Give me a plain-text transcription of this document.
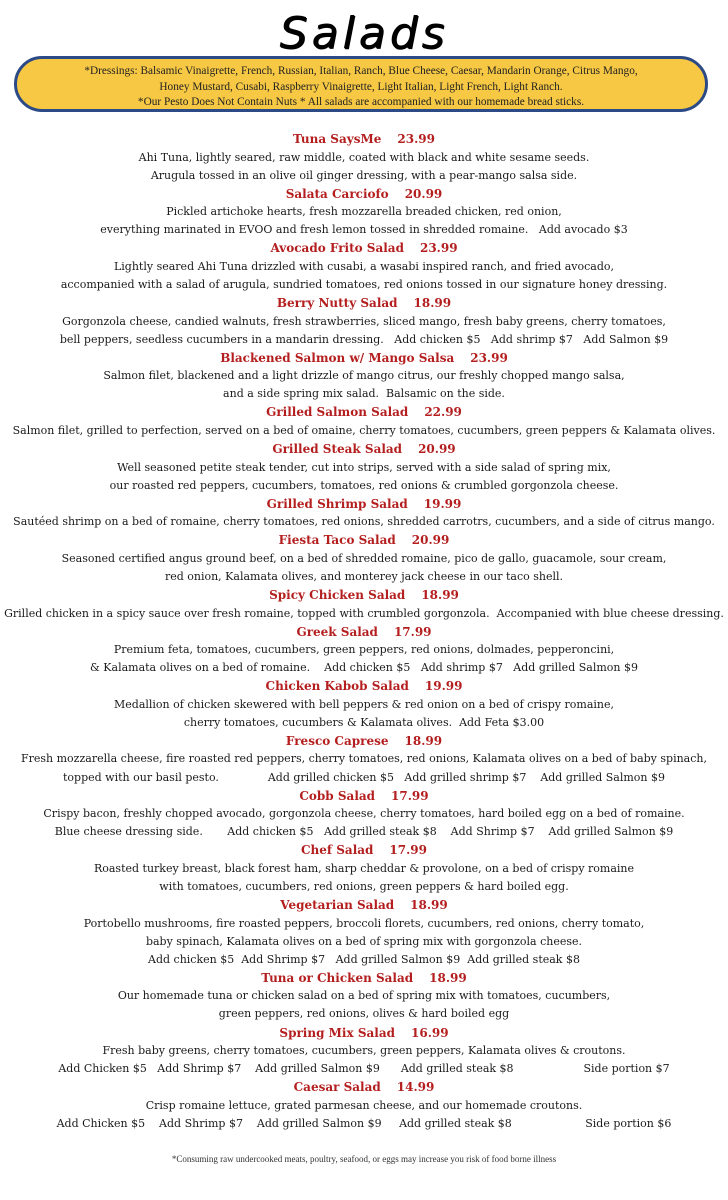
Salads
*Dressings: Balsamic Vinaigrette, French, Russian, Italian, Ranch, Blue Cheese, Caesar, Mandarin Orange, Citrus Mango,
Honey Mustard, Cusabi, Raspberry Vinaigrette, Light Italian, Light French, Light Ranch.
*Our Pesto Does Not Contain Nuts * All salads are accompanied with our homemade bread sticks.
Tuna SaysMe 23.99
Ahi Tuna, lightly seared, raw middle, coated with black and white sesame seeds.
Arugula tossed in an olive oil ginger dressing, with a pear-mango salsa side.
Salata Carciofo 20.99
Pickled artichoke hearts, fresh mozzarella breaded chicken, red onion,
everything marinated in EVOO and fresh lemon tossed in shredded romaine.   Add avocado $3
Avocado Frito Salad 23.99
Lightly seared Ahi Tuna drizzled with cusabi, a wasabi inspired ranch, and fried avocado,
accompanied with a salad of arugula, sundried tomatoes, red onions tossed in our signature honey dressing.
Berry Nutty Salad 18.99
Gorgonzola cheese, candied walnuts, fresh strawberries, sliced mango, fresh baby greens, cherry tomatoes,
bell peppers, seedless cucumbers in a mandarin dressing.   Add chicken $5   Add shrimp $7   Add Salmon $9
Blackened Salmon w/ Mango Salsa 23.99
Salmon filet, blackened and a light drizzle of mango citrus, our freshly chopped mango salsa,
and a side spring mix salad.  Balsamic on the side.
Grilled Salmon Salad 22.99
Salmon filet, grilled to perfection, served on a bed of omaine, cherry tomatoes, cucumbers, green peppers & Kalamata olives.
Grilled Steak Salad 20.99
Well seasoned petite steak tender, cut into strips, served with a side salad of spring mix,
our roasted red peppers, cucumbers, tomatoes, red onions & crumbled gorgonzola cheese.
Grilled Shrimp Salad 19.99
Sautéed shrimp on a bed of romaine, cherry tomatoes, red onions, shredded carrotrs, cucumbers, and a side of citrus mango.
Fiesta Taco Salad 20.99
Seasoned certified angus ground beef, on a bed of shredded romaine, pico de gallo, guacamole, sour cream,
red onion, Kalamata olives, and monterey jack cheese in our taco shell.
Spicy Chicken Salad 18.99
Grilled chicken in a spicy sauce over fresh romaine, topped with crumbled gorgonzola.  Accompanied with blue cheese dressing.
Greek Salad 17.99
Premium feta, tomatoes, cucumbers, green peppers, red onions, dolmades, pepperoncini,
& Kalamata olives on a bed of romaine.    Add chicken $5   Add shrimp $7   Add grilled Salmon $9
Chicken Kabob Salad 19.99
Medallion of chicken skewered with bell peppers & red onion on a bed of crispy romaine,
cherry tomatoes, cucumbers & Kalamata olives.  Add Feta $3.00
Fresco Caprese 18.99
Fresh mozzarella cheese, fire roasted red peppers, cherry tomatoes, red onions, Kalamata olives on a bed of baby spinach,
topped with our basil pesto.              Add grilled chicken $5   Add grilled shrimp $7    Add grilled Salmon $9
Cobb Salad 17.99
Crispy bacon, freshly chopped avocado, gorgonzola cheese, cherry tomatoes, hard boiled egg on a bed of romaine.
Blue cheese dressing side.       Add chicken $5   Add grilled steak $8    Add Shrimp $7    Add grilled Salmon $9
Chef Salad 17.99
Roasted turkey breast, black forest ham, sharp cheddar & provolone, on a bed of crispy romaine
with tomatoes, cucumbers, red onions, green peppers & hard boiled egg.
Vegetarian Salad 18.99
Portobello mushrooms, fire roasted peppers, broccoli florets, cucumbers, red onions, cherry tomato,
baby spinach, Kalamata olives on a bed of spring mix with gorgonzola cheese.
Add chicken $5  Add Shrimp $7   Add grilled Salmon $9  Add grilled steak $8
Tuna or Chicken Salad 18.99
Our homemade tuna or chicken salad on a bed of spring mix with tomatoes, cucumbers,
green peppers, red onions, olives & hard boiled egg
Spring Mix Salad 16.99
Fresh baby greens, cherry tomatoes, cucumbers, green peppers, Kalamata olives & croutons.
Add Chicken $5   Add Shrimp $7    Add grilled Salmon $9      Add grilled steak $8                    Side portion $7
Caesar Salad 14.99
Crisp romaine lettuce, grated parmesan cheese, and our homemade croutons.
Add Chicken $5    Add Shrimp $7    Add grilled Salmon $9     Add grilled steak $8                     Side portion $6
*Consuming raw undercooked meats, poultry, seafood, or eggs may increase you risk of food borne illness
